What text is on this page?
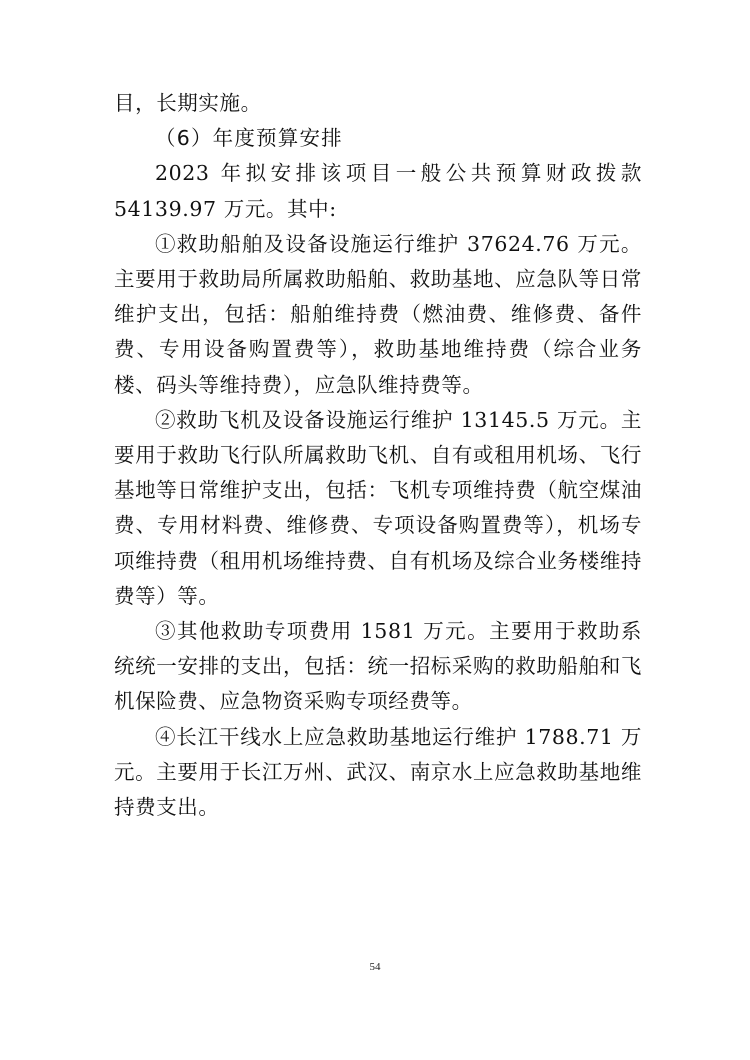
目，长期实施。

（6）年度预算安排

2023 年拟安排该项目一般公共预算财政拨款 54139.97 万元。其中:

①救助船舶及设备设施运行维护 37624.76 万元。主要用于救助局所属救助船舶、救助基地、应急队等日常维护支出，包括：船舶维持费（燃油费、维修费、备件费、专用设备购置费等），救助基地维持费（综合业务楼、码头等维持费），应急队维持费等。

②救助飞机及设备设施运行维护 13145.5 万元。主要用于救助飞行队所属救助飞机、自有或租用机场、飞行基地等日常维护支出，包括：飞机专项维持费（航空煤油费、专用材料费、维修费、专项设备购置费等），机场专项维持费（租用机场维持费、自有机场及综合业务楼维持费等）等。

③其他救助专项费用 1581 万元。主要用于救助系统统一安排的支出，包括：统一招标采购的救助船舶和飞机保险费、应急物资采购专项经费等。

④长江干线水上应急救助基地运行维护 1788.71 万元。主要用于长江万州、武汉、南京水上应急救助基地维持费支出。

54
